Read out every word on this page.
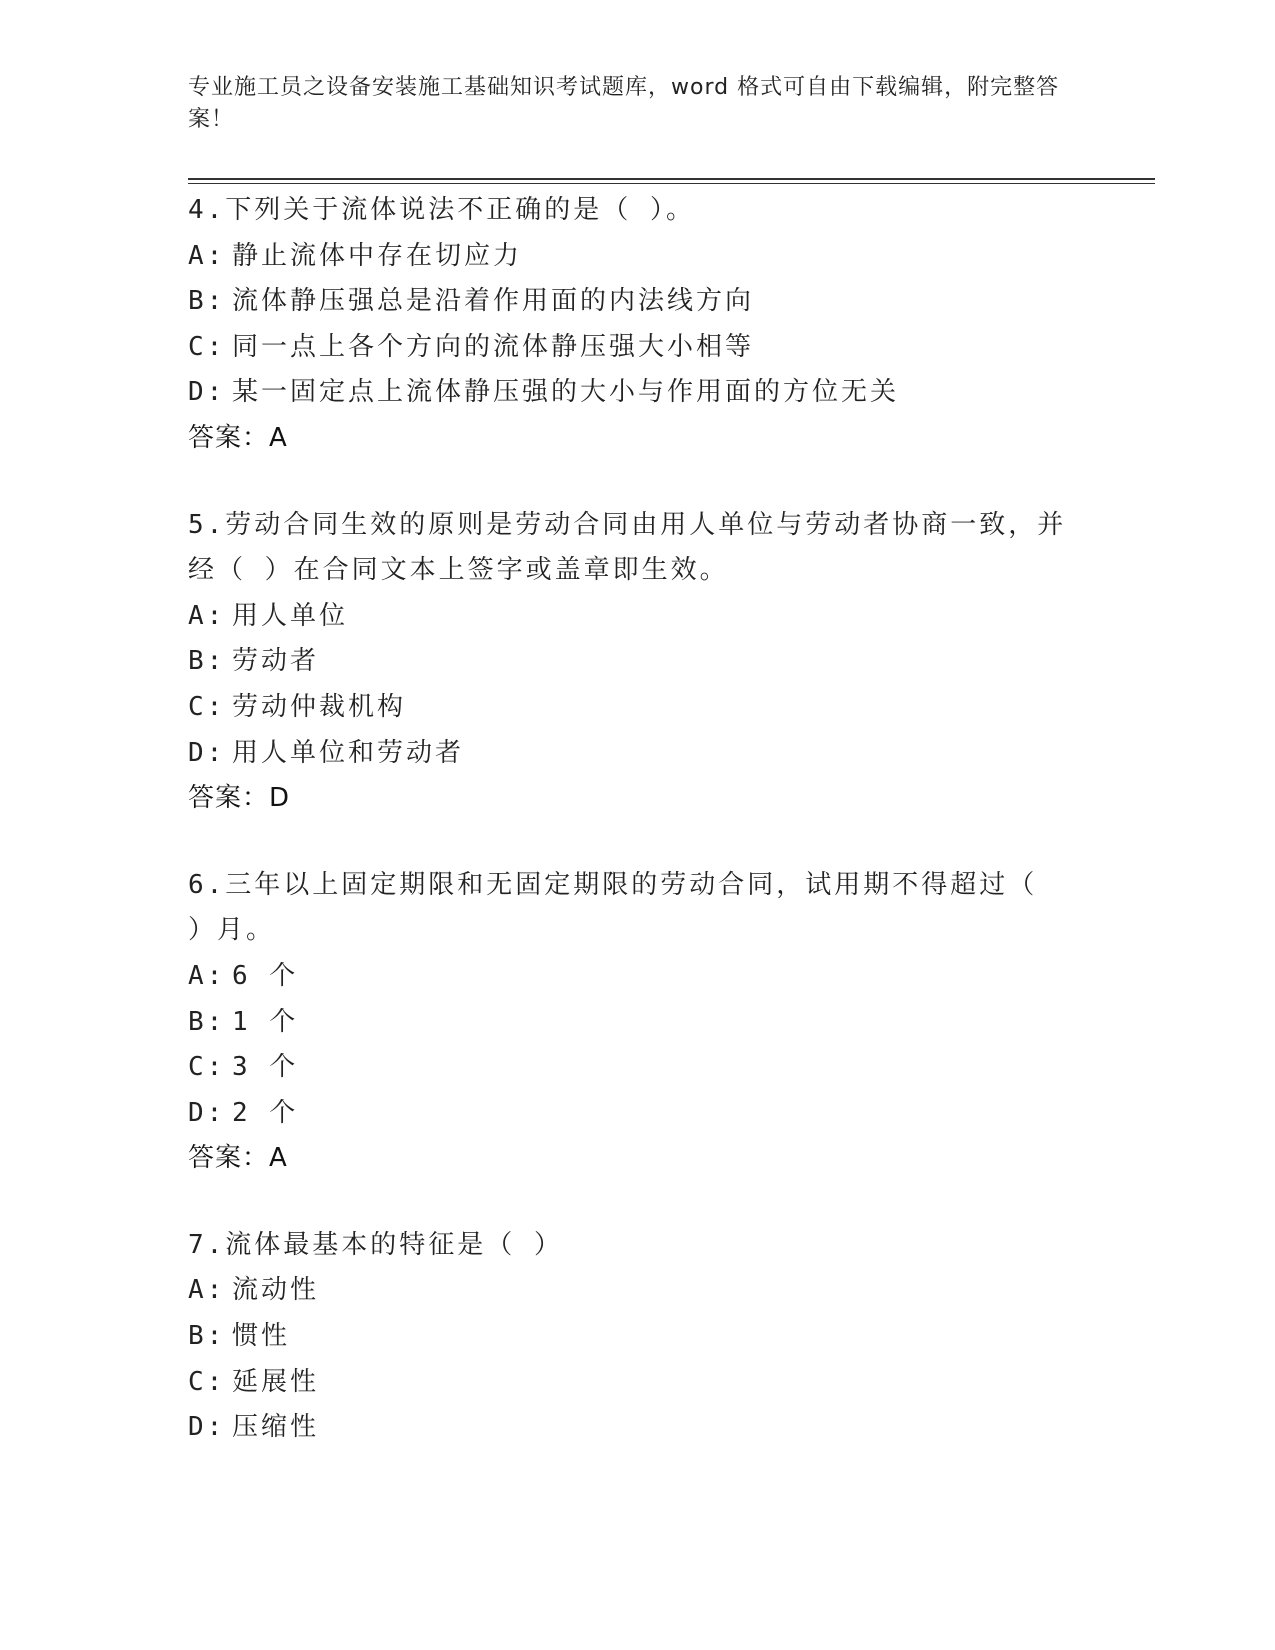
专业施工员之设备安装施工基础知识考试题库，word 格式可自由下载编辑，附完整答案！
4.下列关于流体说法不正确的是（ ）。
A: 静止流体中存在切应力
B: 流体静压强总是沿着作用面的内法线方向
C: 同一点上各个方向的流体静压强大小相等
D: 某一固定点上流体静压强的大小与作用面的方位无关
答案：A
5.劳动合同生效的原则是劳动合同由用人单位与劳动者协商一致，并经（ ）在合同文本上签字或盖章即生效。
A: 用人单位
B: 劳动者
C: 劳动仲裁机构
D: 用人单位和劳动者
答案：D
6.三年以上固定期限和无固定期限的劳动合同，试用期不得超过（ ）月。
A: 6 个
B: 1 个
C: 3 个
D: 2 个
答案：A
7.流体最基本的特征是（ ）
A: 流动性
B: 惯性
C: 延展性
D: 压缩性
